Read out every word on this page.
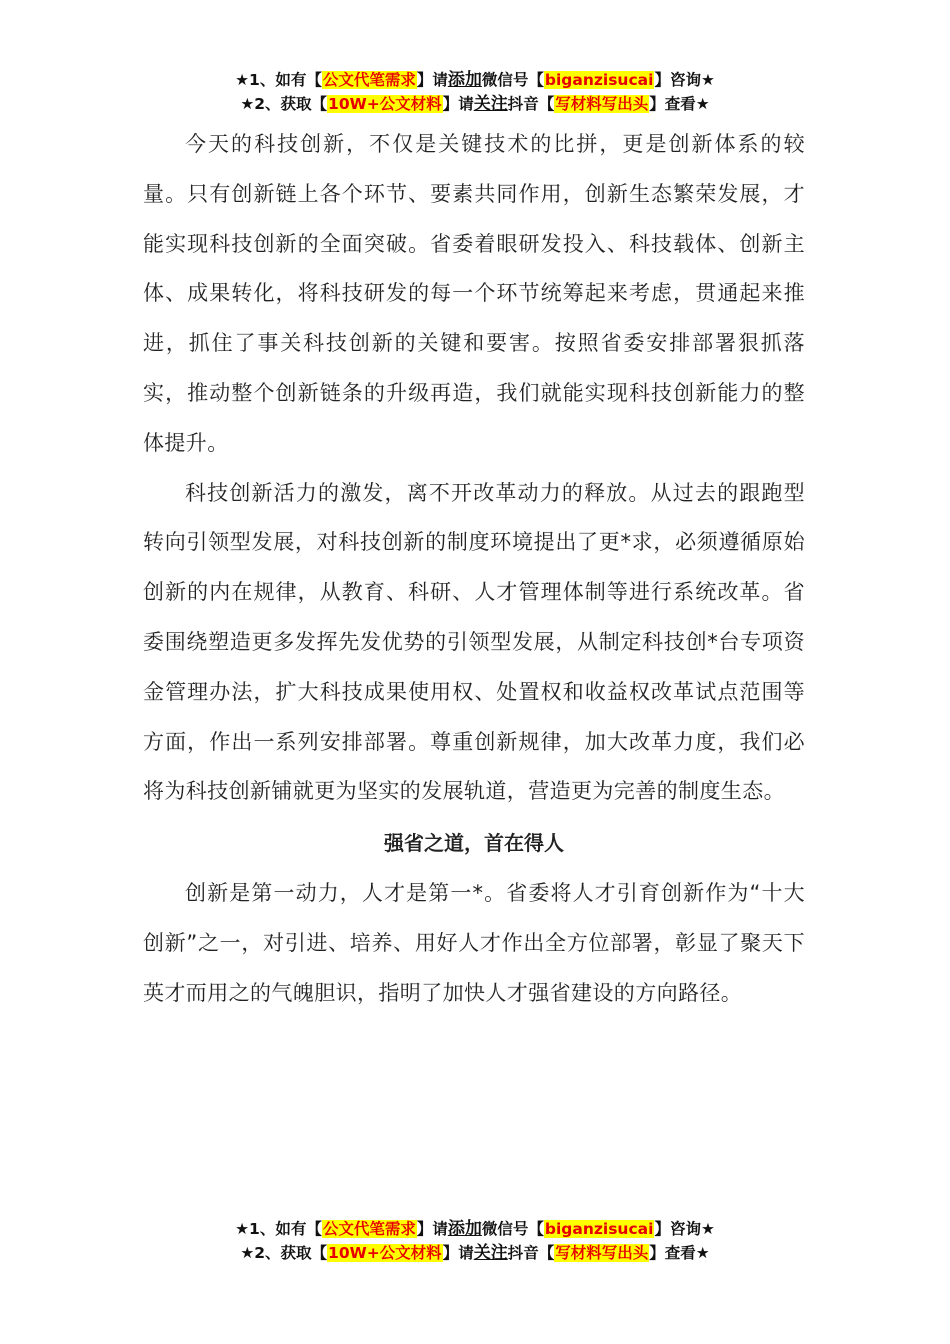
★1、如有【公文代笔需求】请添加微信号【biganzisucai】咨询★
★2、获取【10W+公文材料】请关注抖音【写材料写出头】查看★

今天的科技创新，不仅是关键技术的比拼，更是创新体系的较量。只有创新链上各个环节、要素共同作用，创新生态繁荣发展，才能实现科技创新的全面突破。省委着眼研发投入、科技载体、创新主体、成果转化，将科技研发的每一个环节统筹起来考虑，贯通起来推进，抓住了事关科技创新的关键和要害。按照省委安排部署狠抓落实，推动整个创新链条的升级再造，我们就能实现科技创新能力的整体提升。

科技创新活力的激发，离不开改革动力的释放。从过去的跟跑型转向引领型发展，对科技创新的制度环境提出了更*求，必须遵循原始创新的内在规律，从教育、科研、人才管理体制等进行系统改革。省委围绕塑造更多发挥先发优势的引领型发展，从制定科技创*台专项资金管理办法，扩大科技成果使用权、处置权和收益权改革试点范围等方面，作出一系列安排部署。尊重创新规律，加大改革力度，我们必将为科技创新铺就更为坚实的发展轨道，营造更为完善的制度生态。

强省之道，首在得人

创新是第一动力，人才是第一*。省委将人才引育创新作为“十大创新”之一，对引进、培养、用好人才作出全方位部署，彰显了聚天下英才而用之的气魄胆识，指明了加快人才强省建设的方向路径。

★1、如有【公文代笔需求】请添加微信号【biganzisucai】咨询★
★2、获取【10W+公文材料】请关注抖音【写材料写出头】查看★
